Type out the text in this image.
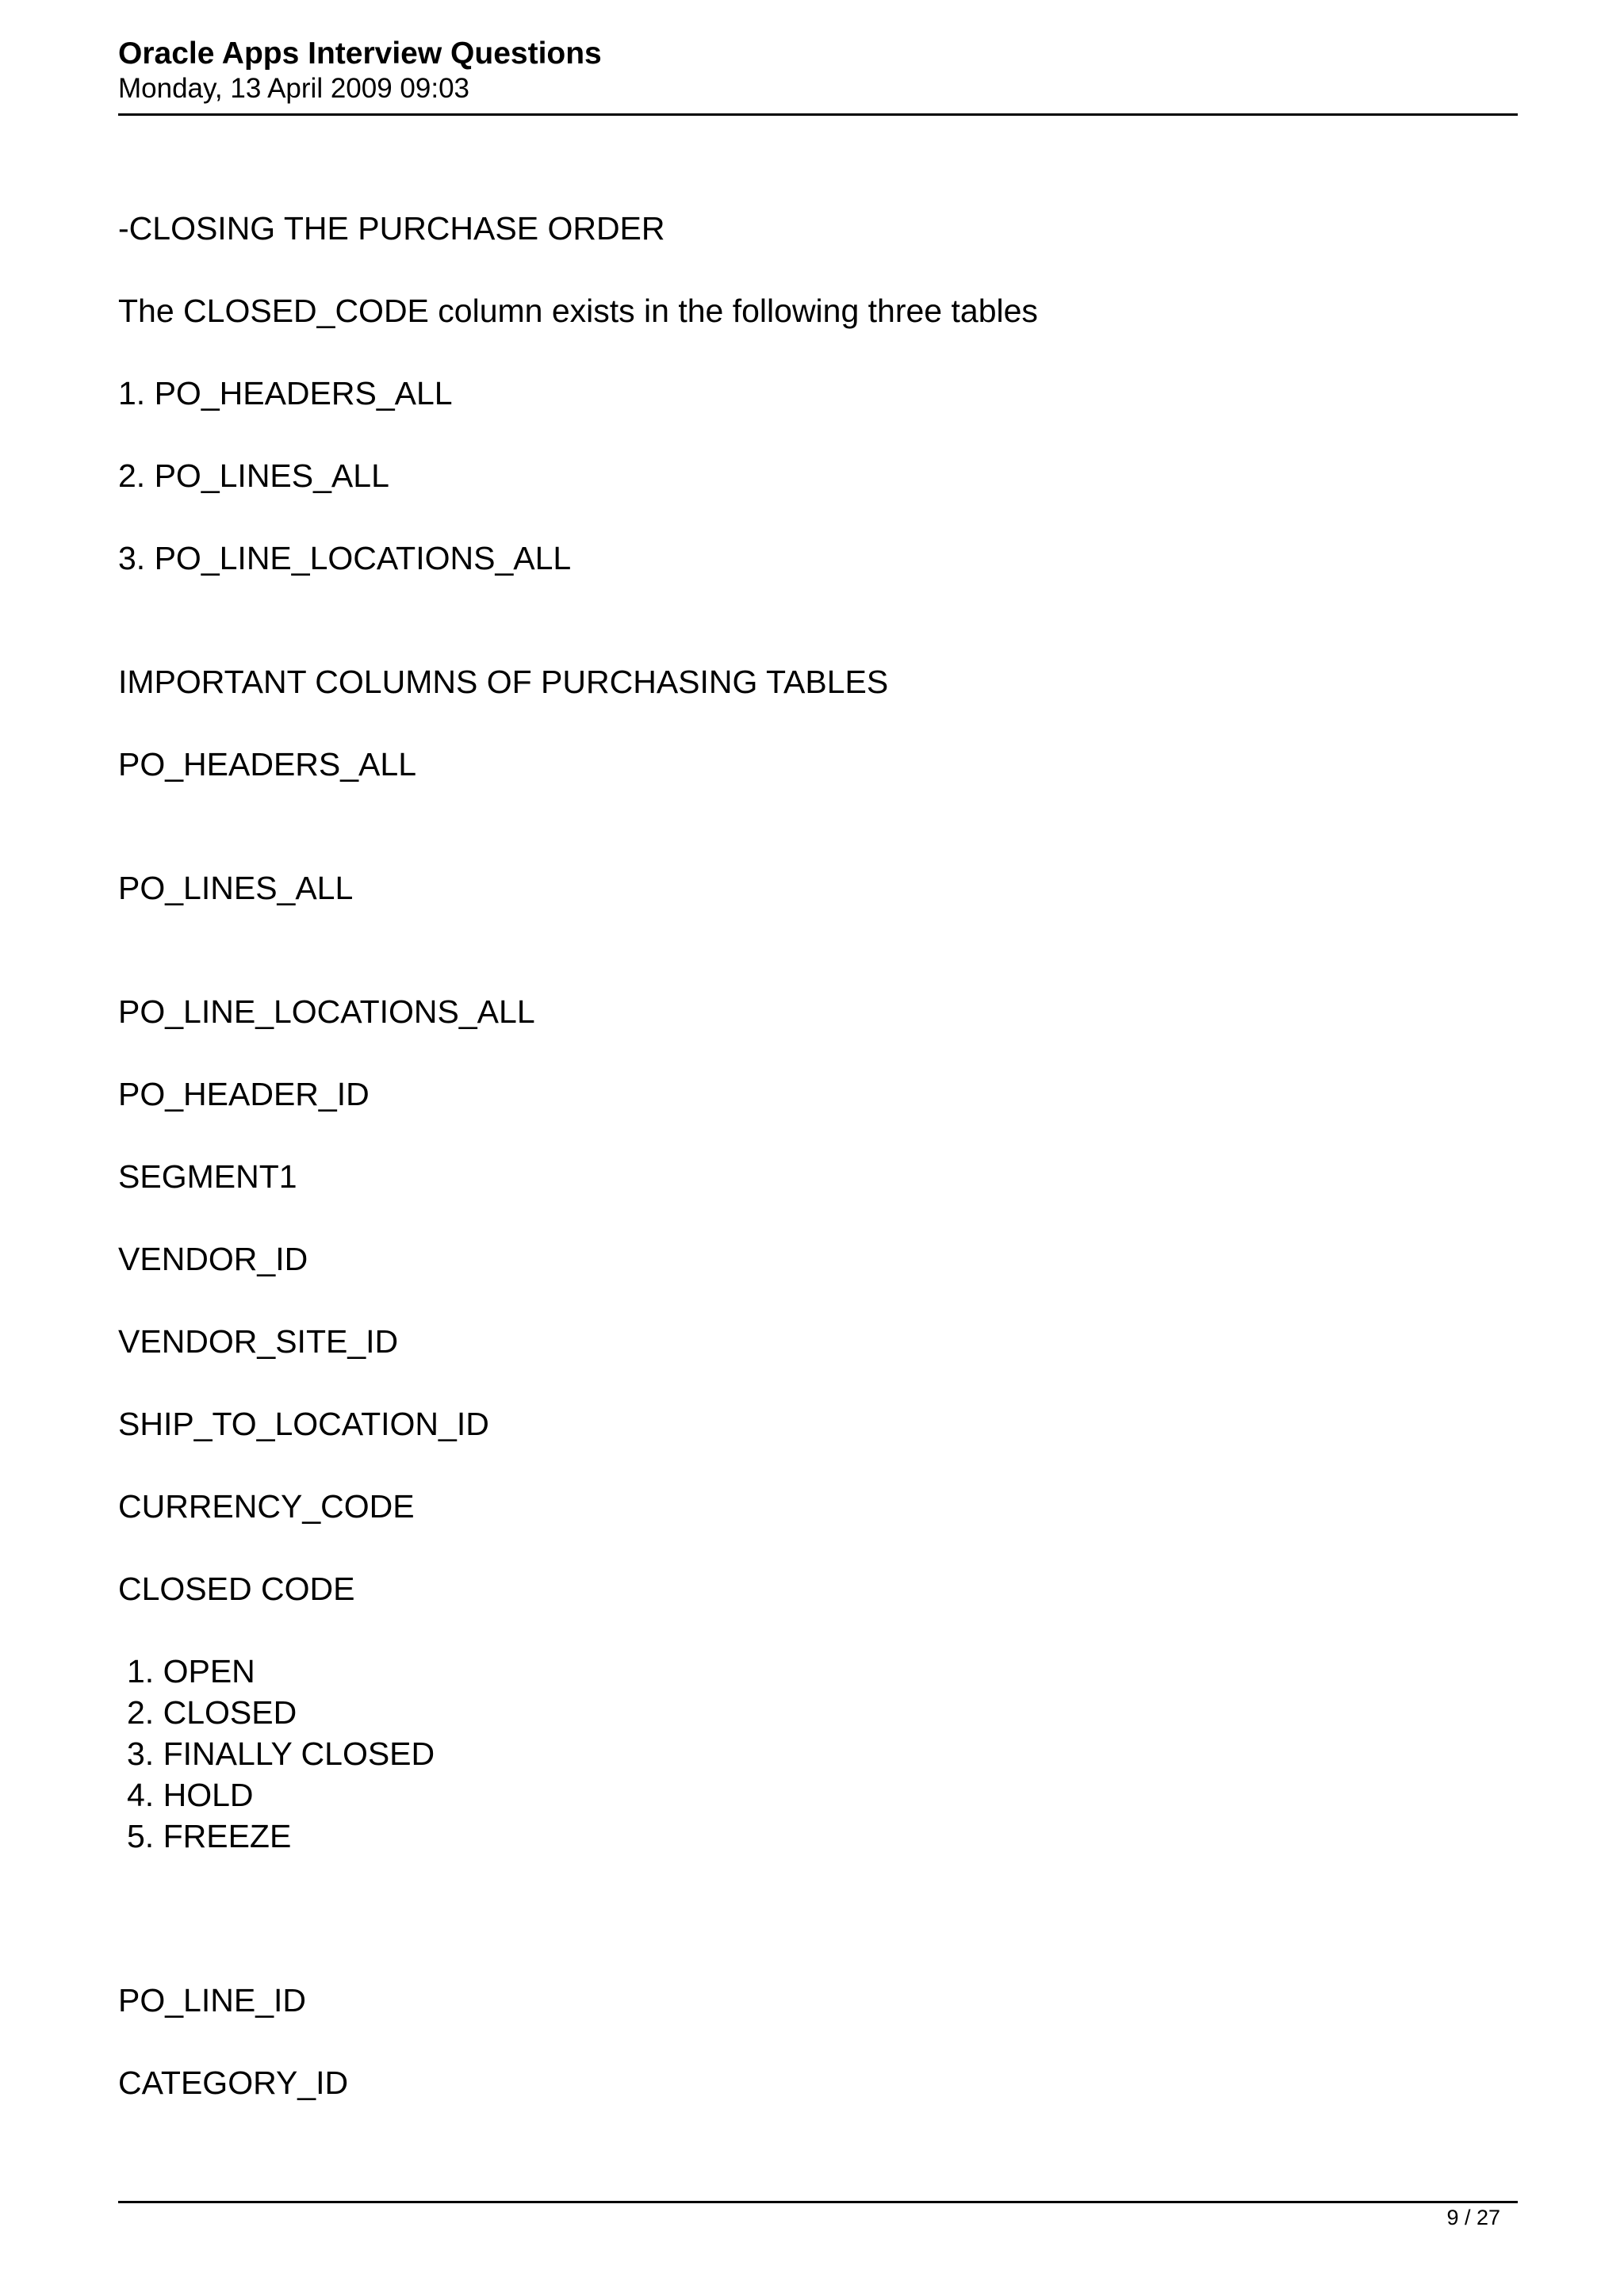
Oracle Apps Interview Questions

Monday, 13 April 2009 09:03

-CLOSING THE PURCHASE ORDER

The CLOSED_CODE column exists in the following three tables

1. PO_HEADERS_ALL

2. PO_LINES_ALL

3. PO_LINE_LOCATIONS_ALL

IMPORTANT COLUMNS OF PURCHASING TABLES

PO_HEADERS_ALL

PO_LINES_ALL

PO_LINE_LOCATIONS_ALL

PO_HEADER_ID

SEGMENT1

VENDOR_ID

VENDOR_SITE_ID

SHIP_TO_LOCATION_ID

CURRENCY_CODE

CLOSED CODE

1. OPEN

2. CLOSED

3. FINALLY CLOSED

4. HOLD

5. FREEZE

PO_LINE_ID

CATEGORY_ID

9 / 27
